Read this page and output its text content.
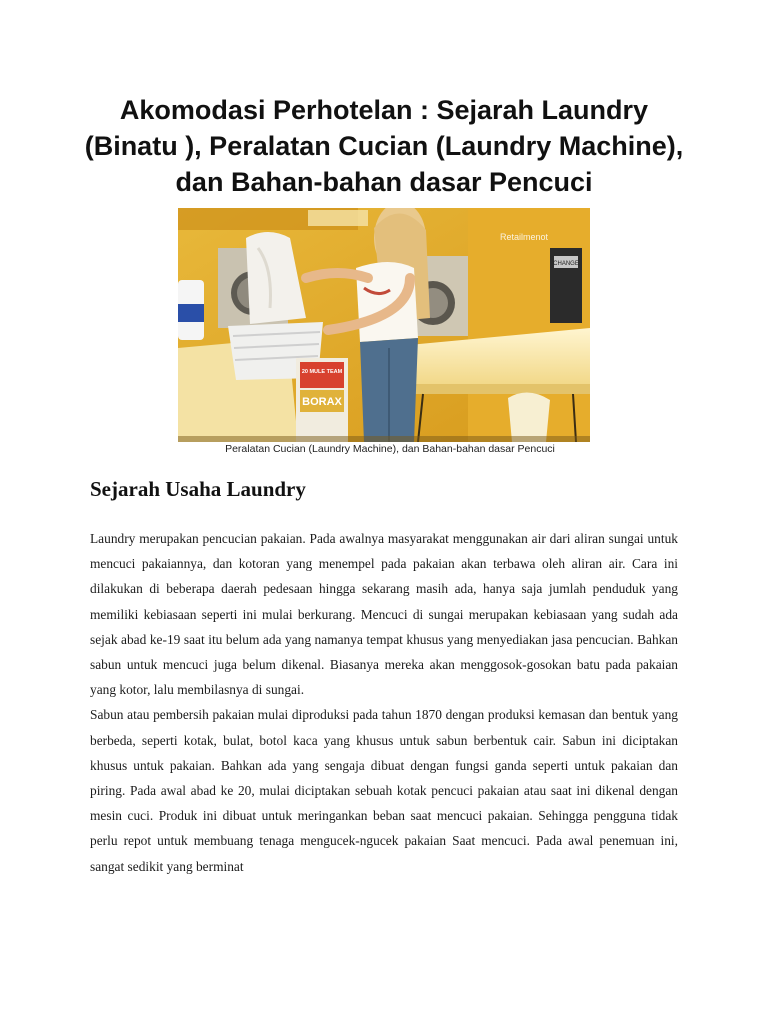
Akomodasi Perhotelan : Sejarah Laundry (Binatu ), Peralatan Cucian (Laundry Machine), dan Bahan-bahan dasar Pencuci
CHANGE
Retailmenot
20 MULE TEAM
BORAX
Peralatan Cucian (Laundry Machine), dan Bahan-bahan dasar Pencuci
Sejarah Usaha Laundry

Laundry merupakan pencucian pakaian. Pada awalnya masyarakat menggunakan air dari aliran sungai untuk mencuci pakaiannya, dan kotoran yang menempel pada pakaian akan terbawa oleh aliran air. Cara ini dilakukan di beberapa daerah pedesaan hingga sekarang masih ada, hanya saja jumlah penduduk yang memiliki kebiasaan seperti ini mulai berkurang. Mencuci di sungai merupakan kebiasaan yang sudah ada sejak abad ke-19 saat itu belum ada yang namanya tempat khusus yang menyediakan jasa pencucian. Bahkan sabun untuk mencuci juga belum dikenal. Biasanya mereka akan menggosok-gosokan batu pada pakaian yang kotor, lalu membilasnya di sungai.

Sabun atau pembersih pakaian mulai diproduksi pada tahun 1870 dengan produksi kemasan dan bentuk yang berbeda, seperti kotak, bulat, botol kaca yang khusus untuk sabun berbentuk cair. Sabun ini diciptakan khusus untuk pakaian. Bahkan ada yang sengaja dibuat dengan fungsi ganda seperti untuk pakaian dan piring. Pada awal abad ke 20, mulai diciptakan sebuah kotak pencuci pakaian atau saat ini dikenal dengan mesin cuci. Produk ini dibuat untuk meringankan beban saat mencuci pakaian. Sehingga pengguna tidak perlu repot untuk membuang tenaga mengucek-ngucek pakaian Saat mencuci. Pada awal penemuan ini, sangat sedikit yang berminat
